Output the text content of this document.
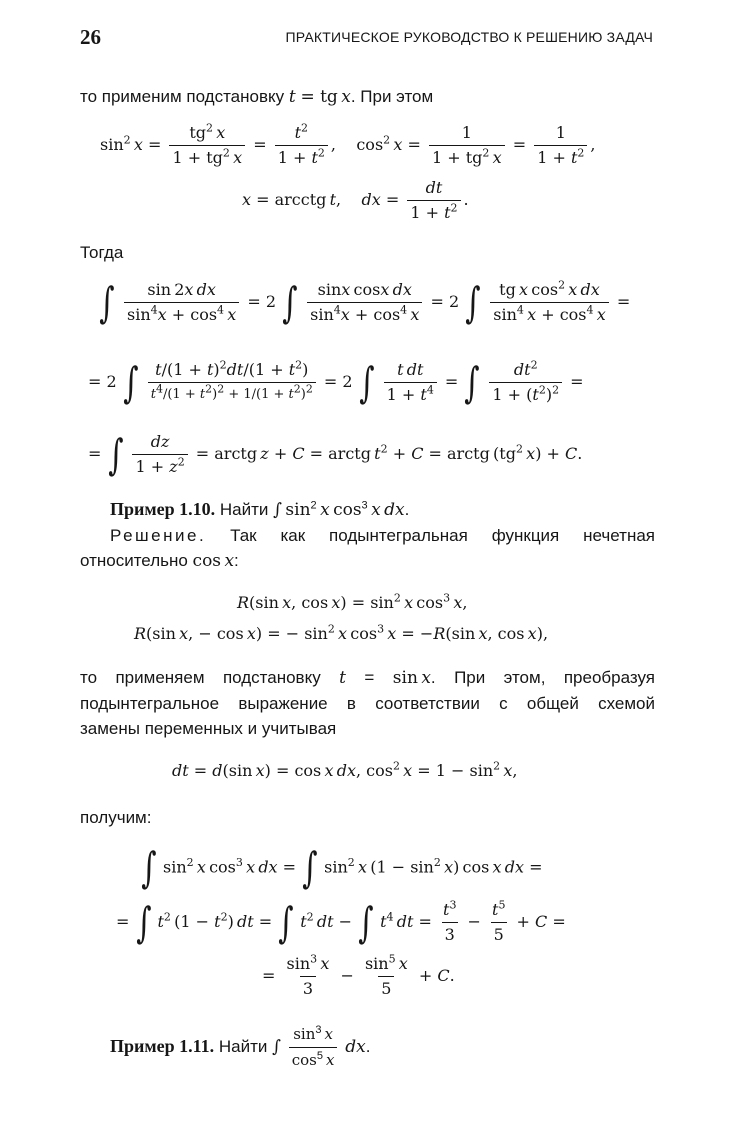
26	ПРАКТИЧЕСКОЕ РУКОВОДСТВО К РЕШЕНИЮ ЗАДАЧ
то применим подстановку t = tg  x. При этом
$\sin^2 x = \frac{tg^2 x}{1 + tg^2 x} = \frac{t^2}{1 + t^2}$ ,    $\cos^2 x = \frac{1}{1 + tg^2 x} = \frac{1}{1 + t^2}$ ,
x = arcctg  t,    dx = $\frac{dt}{1 + t^2}$ .
Тогда
∫ $\frac{\text{sin 2x  dx}}{\sin^4x + \cos^4 x} = 2$ ∫ $\frac{\text{sinx  cosx  dx}}{\sin^4x + \cos^4 x} = 2$ ∫ $\frac{tg x \cos^2 x dx}{\sin^4 x + \cos^4 x}$ =
= 2 ∫ $\frac{t/(1 + t)^2dt/(1 + t^2)}{t^4/(1 + t^2)^2 + 1/(1 + t^2)^2} = 2$ ∫ $\frac{\text{t  dt}}{1 + t^4}$ = ∫ $\frac{dt^2}{1 + (t^2)^2}$ =
= ∫ $\frac{dz}{1 + z^2}$ = arctg  z + C = arctg  $t^2 + C$ = arctg ($tg^2$  x) + C.
Пример 1.10. Найти ∫  $\sin^2 x$  $\cos^3 x$  dx.
Решение. Так как подынтегральная функция нечетная
относительно cos  x:
R(sin  x, $\cos x) = \sin^2 x$  $\cos^3 x$,
R(sin  x, − cos  x) = − $\sin^2 x$  $\cos^3 x = -R(\sin$  x, cos  x),
то применяем подстановку t = sin  x. При этом, преобразуя
подынтегральное выражение в соответствии с общей схемой
замены переменных и учитывая
dt = d(sin  x) = cos  x  dx, $\cos^2 x = 1 - \sin^2 x$,
получим:
∫ $\sin^2 x$  $\cos^3 x$  dx = ∫ $\sin^2 x$ $(1 - \sin^2 x)$ cos  x  dx =
= ∫ $t^2$ $(1 - t^2)$ dt = ∫ $t^2$  dt − ∫ $t^4$  dt = $\frac{t^3}{3} - \frac{t^5}{5} + C$ =
= $\frac{\sin^3 x}{3} - \frac{\sin^5 x}{5} + C$.
Пример 1.11. Найти ∫ $\frac{\sin^3 x}{\cos^5 x}$ dx.
